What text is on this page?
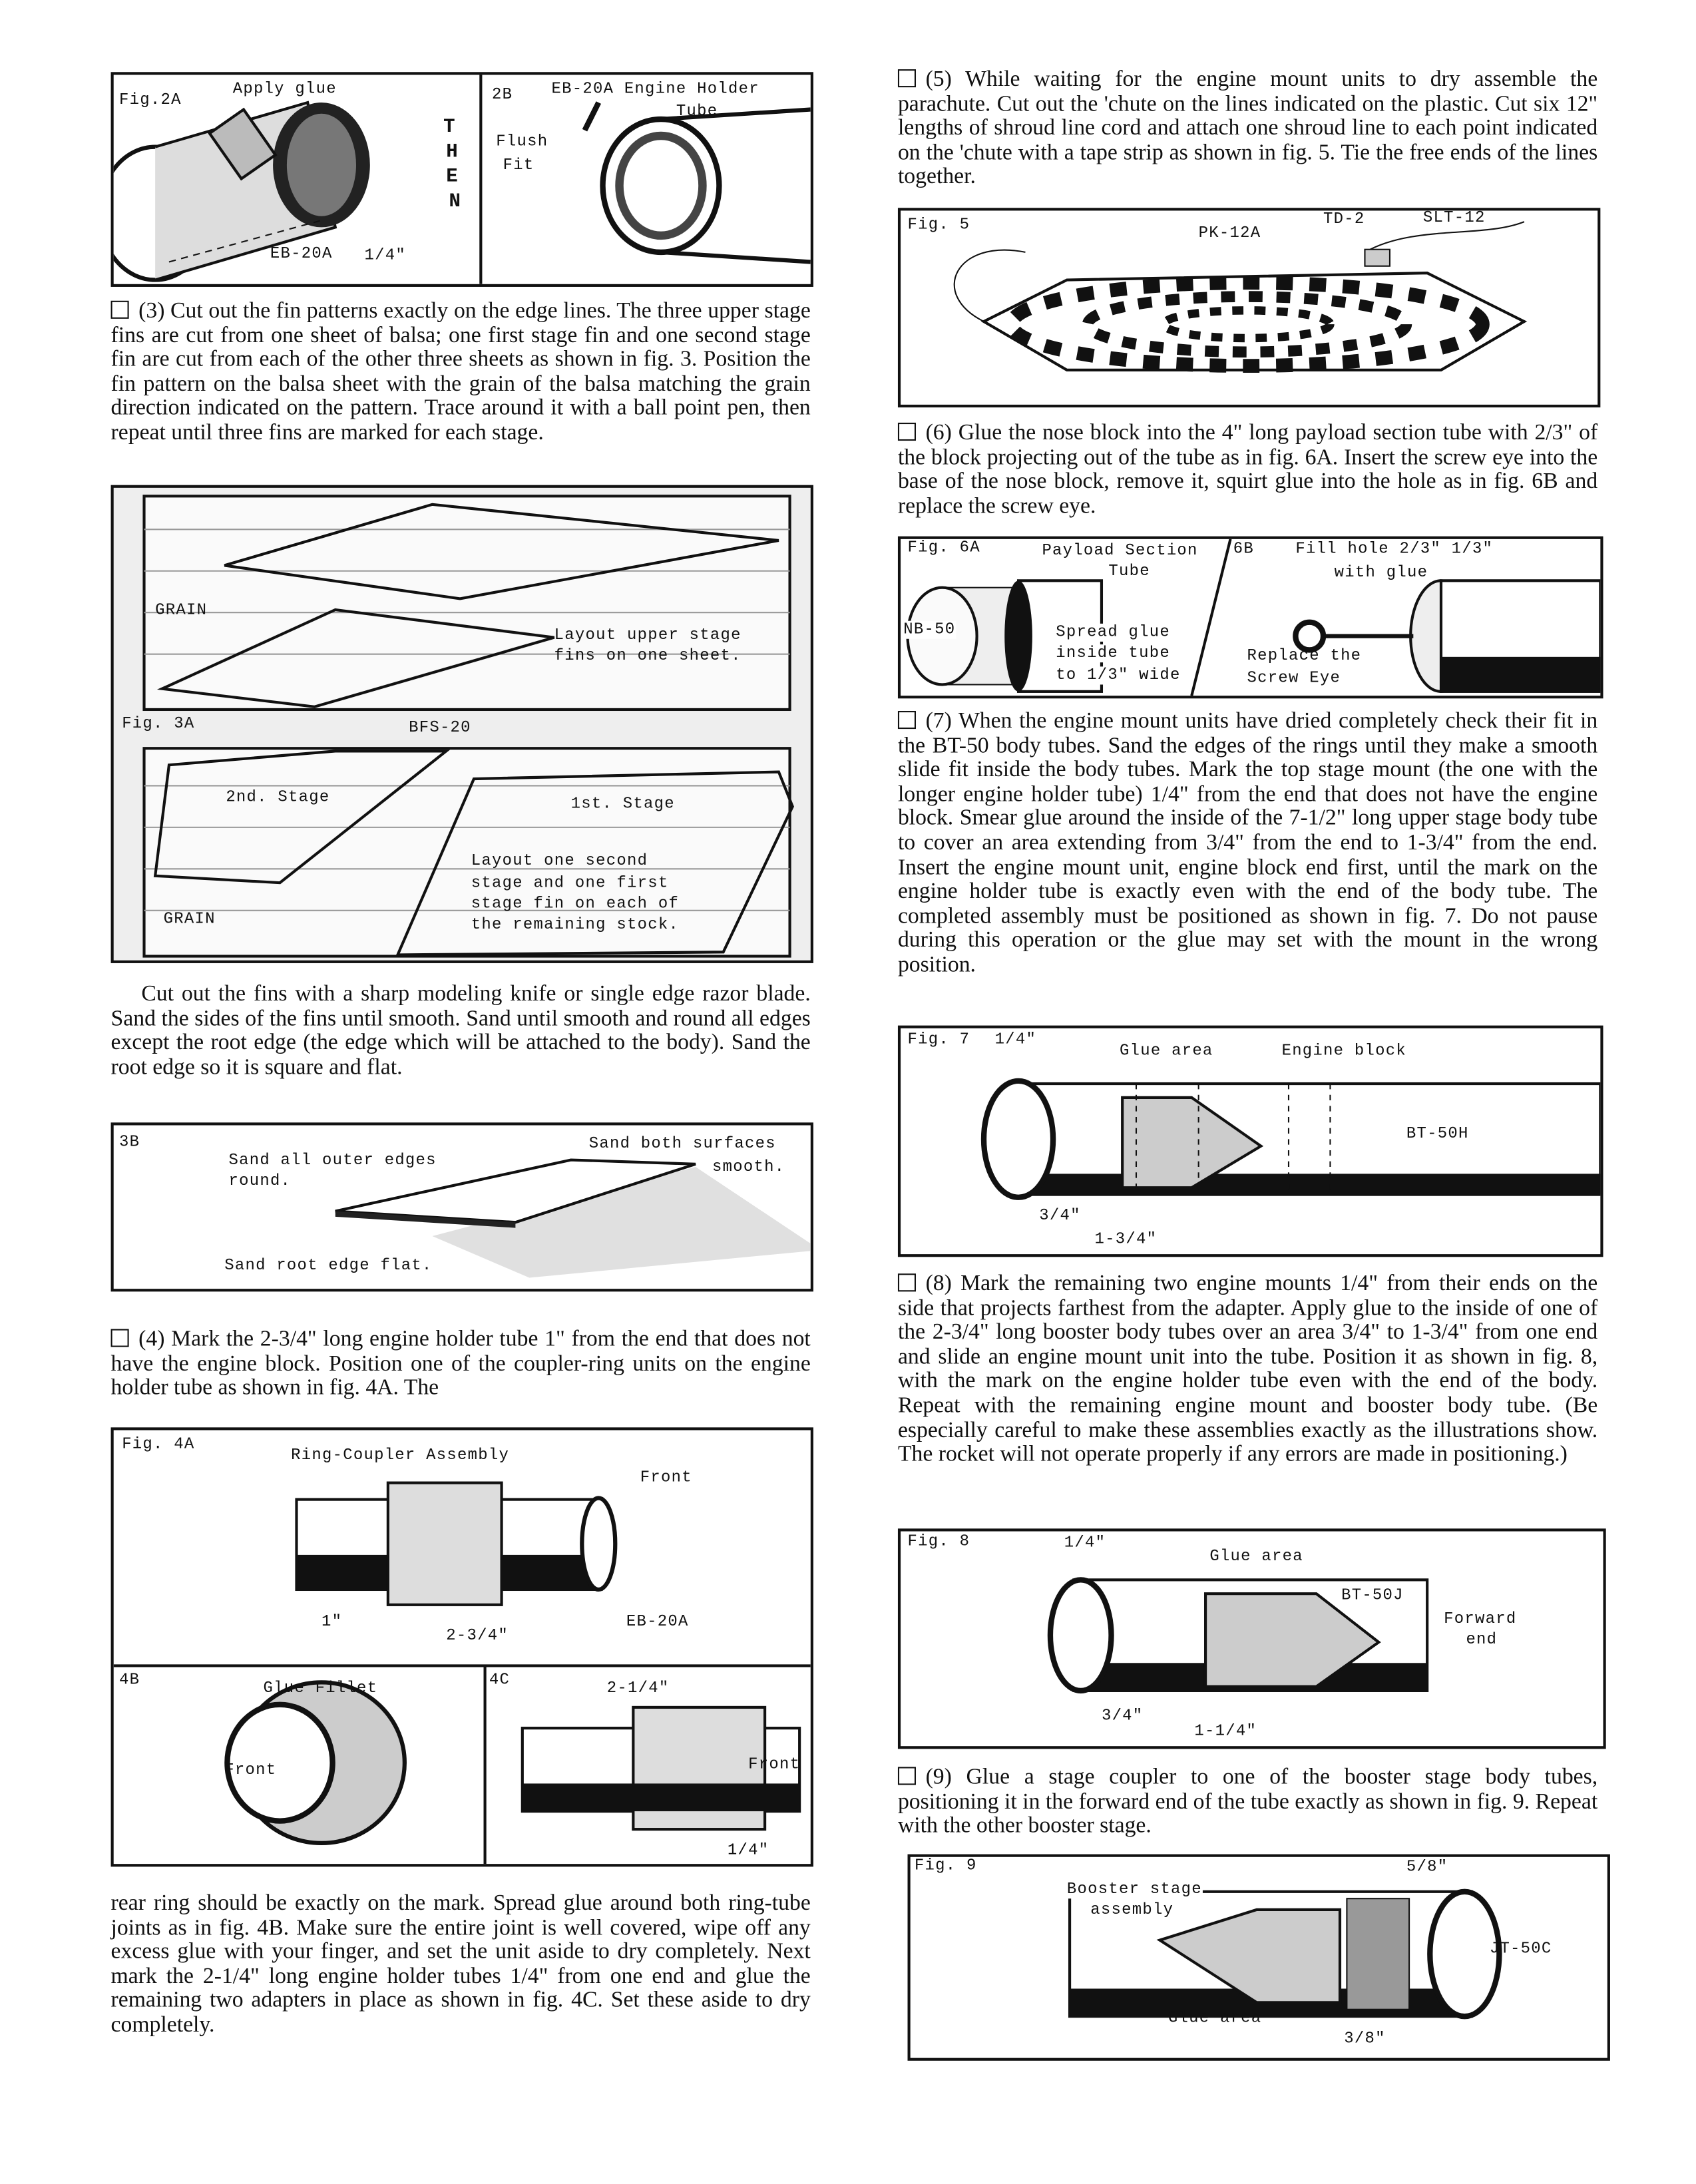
Fig.2A
Apply glue
EB-20A	1/4"
2B	EB-20A Engine Holder
Tube
Flush
Fit
T
H
E
N
(3) Cut out the fin patterns exactly on the edge lines. The three upper stage fins are cut from one sheet of balsa; one first stage fin and one second stage fin are cut from each of the other three sheets as shown in fig. 3. Position the fin pattern on the balsa sheet with the grain of the balsa matching the grain direction indicated on the pattern. Trace around it with a ball point pen, then repeat until three fins are marked for each stage.
GRAIN
Layout upper stage
fins on one sheet.
Fig. 3A	BFS-20
2nd. Stage	1st. Stage
Layout one second
stage and one first
stage fin on each of
the remaining stock.
GRAIN
Cut out the fins with a sharp modeling knife or single edge razor blade. Sand the sides of the fins until smooth. Sand until smooth and round all edges except the root edge (the edge which will be attached to the body). Sand the root edge so it is square and flat.
3B	Sand both surfaces
smooth.
Sand all outer edges
round.
Sand root edge flat.
(4) Mark the 2-3/4" long engine holder tube 1" from the end that does not have the engine block. Position one of the coupler-ring units on the engine holder tube as shown in fig. 4A. The
Fig. 4A
Ring-Coupler Assembly
Front
EB-20A
1"
2-3/4"
4B	Glue Fillet
Front
4C	2-1/4"
Front
1/4"
rear ring should be exactly on the mark. Spread glue around both ring-tube joints as in fig. 4B. Make sure the entire joint is well covered, wipe off any excess glue with your finger, and set the unit aside to dry completely. Next mark the 2-1/4" long engine holder tubes 1/4" from one end and glue the remaining two adapters in place as shown in fig. 4C. Set these aside to dry completely.
(5) While waiting for the engine mount units to dry assemble the parachute. Cut out the 'chute on the lines indicated on the plastic. Cut six 12" lengths of shroud line cord and attach one shroud line to each point indicated on the 'chute with a tape strip as shown in fig. 5. Tie the free ends of the lines together.
Fig. 5	PK-12A
TD-2	SLT-12
(6) Glue the nose block into the 4" long payload section tube with 2/3" of the block projecting out of the tube as in fig. 6A. Insert the screw eye into the base of the nose block, remove it, squirt glue into the hole as in fig. 6B and replace the screw eye.
Fig. 6A	Payload Section
Tube
NB-50	Spread glue
inside tube
to 1/3" wide
6B	Fill hole 2/3" 1/3"
with glue
Replace the
Screw Eye
(7) When the engine mount units have dried completely check their fit in the BT-50 body tubes. Sand the edges of the rings until they make a smooth slide fit inside the body tubes. Mark the top stage mount (the one with the longer engine holder tube) 1/4" from the end that does not have the engine block. Smear glue around the inside of the 7-1/2" long upper stage body tube to cover an area extending from 3/4" from the end to 1-3/4" from the end. Insert the engine mount unit, engine block end first, until the mark on the engine holder tube is exactly even with the end of the body tube. The completed assembly must be positioned as shown in fig. 7. Do not pause during this operation or the glue may set with the mount in the wrong position.
Fig. 7	1/4"
Glue area	Engine block
BT-50H
3/4"
1-3/4"
(8) Mark the remaining two engine mounts 1/4" from their ends on the side that projects farthest from the adapter. Apply glue to the inside of one of the 2-3/4" long booster body tubes over an area 3/4" to 1-3/4" from one end and slide an engine mount unit into the tube. Position it as shown in fig. 8, with the mark on the engine holder tube even with the end of the body. Repeat with the remaining engine mount and booster body tube. (Be especially careful to make these assemblies exactly as the illustrations show. The rocket will not operate properly if any errors are made in positioning.)
Fig. 8	1/4"
Glue area
BT-50J
Forward
end
3/4"
1-1/4"
(9) Glue a stage coupler to one of the booster stage body tubes, positioning it in the forward end of the tube exactly as shown in fig. 9. Repeat with the other booster stage.
Fig. 9	5/8"
Booster stage
assembly
JT-50C
Glue area
3/8"
